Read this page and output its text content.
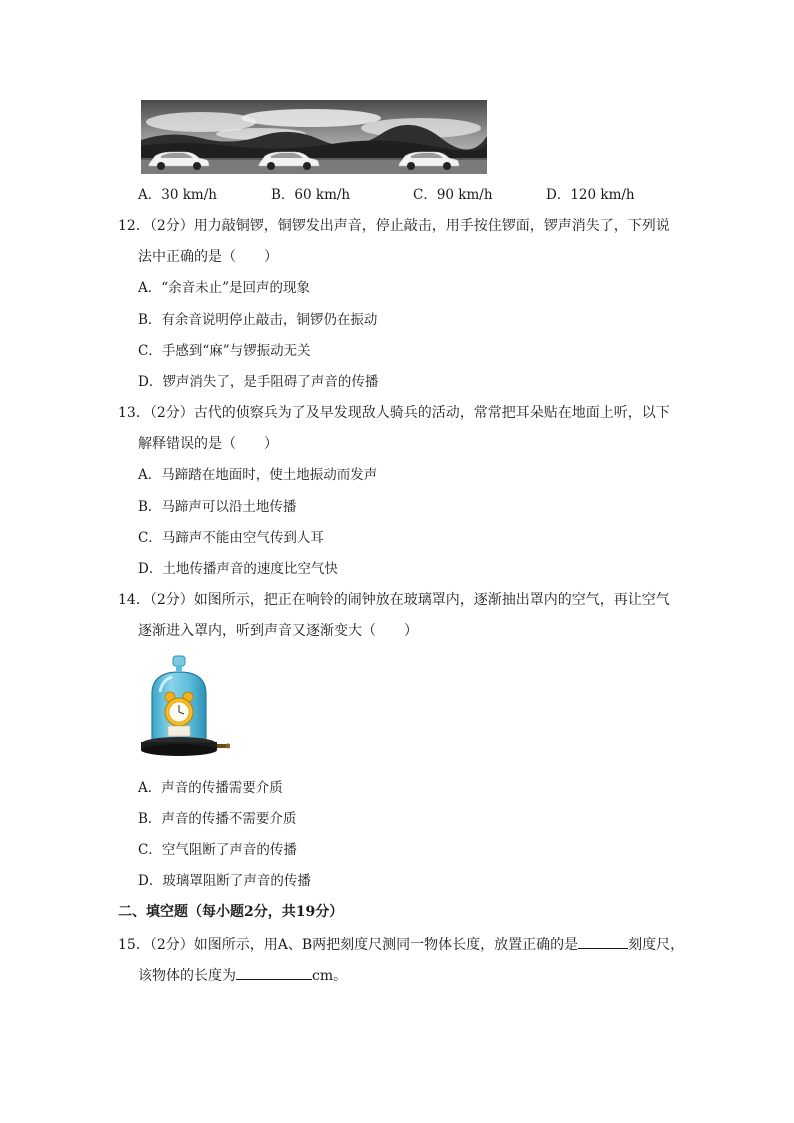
A．30 km/h	B．60 km/h	C．90 km/h	D．120 km/h
12．（2分）用力敲铜锣，铜锣发出声音，停止敲击，用手按住锣面，锣声消失了，下列说
法中正确的是（　　）
A．“余音未止”是回声的现象
B．有余音说明停止敲击，铜锣仍在振动
C．手感到“麻”与锣振动无关
D．锣声消失了，是手阻碍了声音的传播
13．（2分）古代的侦察兵为了及早发现敌人骑兵的活动，常常把耳朵贴在地面上听，以下
解释错误的是（　　）
A．马蹄踏在地面时，使土地振动而发声
B．马蹄声可以沿土地传播
C．马蹄声不能由空气传到人耳
D．土地传播声音的速度比空气快
14．（2分）如图所示，把正在响铃的闹钟放在玻璃罩内，逐渐抽出罩内的空气，再让空气
逐渐进入罩内，听到声音又逐渐变大（　　）
A．声音的传播需要介质
B．声音的传播不需要介质
C．空气阻断了声音的传播
D．玻璃罩阻断了声音的传播
二、填空题（每小题2分，共19分）
15．（2分）如图所示，用A、B两把刻度尺测同一物体长度，放置正确的是	刻度尺，
该物体的长度为	cm。
